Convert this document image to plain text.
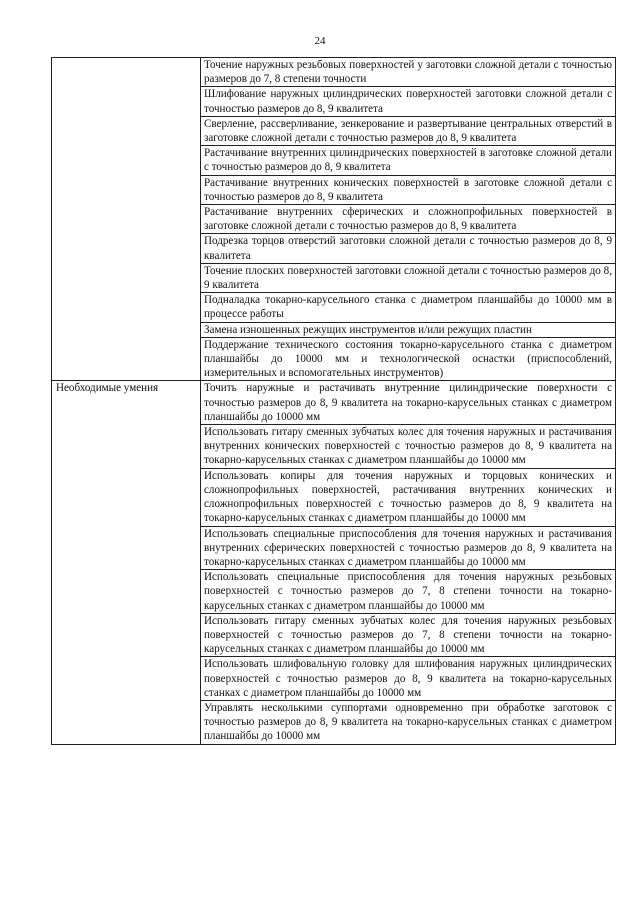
24
	Точение наружных резьбовых поверхностей у заготовки сложной детали с точностью размеров до 7, 8 степени точности
	Шлифование наружных цилиндрических поверхностей заготовки сложной детали с точностью размеров до 8, 9 квалитета
	Сверление, рассверливание, зенкерование и развертывание центральных отверстий в заготовке сложной детали с точностью размеров до 8, 9 квалитета
	Растачивание внутренних цилиндрических поверхностей в заготовке сложной детали с точностью размеров до 8, 9 квалитета
	Растачивание внутренних конических поверхностей в заготовке сложной детали с точностью размеров до 8, 9 квалитета
	Растачивание внутренних сферических и сложнопрофильных поверхностей в заготовке сложной детали с точностью размеров до 8, 9 квалитета
	Подрезка торцов отверстий заготовки сложной детали с точностью размеров до 8, 9 квалитета
	Точение плоских поверхностей заготовки сложной детали с точностью размеров до 8, 9 квалитета
	Подналадка токарно-карусельного станка с диаметром планшайбы до 10000 мм в процессе работы
	Замена изношенных режущих инструментов и/или режущих пластин
	Поддержание технического состояния токарно-карусельного станка с диаметром планшайбы до 10000 мм и технологической оснастки (приспособлений, измерительных и вспомогательных инструментов)
Необходимые умения	Точить наружные и растачивать внутренние цилиндрические поверхности с точностью размеров до 8, 9 квалитета на токарно-карусельных станках с диаметром планшайбы до 10000 мм
	Использовать гитару сменных зубчатых колес для точения наружных и растачивания внутренних конических поверхностей с точностью размеров до 8, 9 квалитета на токарно-карусельных станках с диаметром планшайбы до 10000 мм
	Использовать копиры для точения наружных и торцовых конических и сложнопрофильных поверхностей, растачивания внутренних конических и сложнопрофильных поверхностей с точностью размеров до 8, 9 квалитета на токарно-карусельных станках с диаметром планшайбы до 10000 мм
	Использовать специальные приспособления для точения наружных и растачивания внутренних сферических поверхностей с точностью размеров до 8, 9 квалитета на токарно-карусельных станках с диаметром планшайбы до 10000 мм
	Использовать специальные приспособления для точения наружных резьбовых поверхностей с точностью размеров до 7, 8 степени точности на токарно-карусельных станках с диаметром планшайбы до 10000 мм
	Использовать гитару сменных зубчатых колес для точения наружных резьбовых поверхностей с точностью размеров до 7, 8 степени точности на токарно-карусельных станках с диаметром планшайбы до 10000 мм
	Использовать шлифовальную головку для шлифования наружных цилиндрических поверхностей с точностью размеров до 8, 9 квалитета на токарно-карусельных станках с диаметром планшайбы до 10000 мм
	Управлять несколькими суппортами одновременно при обработке заготовок с точностью размеров до 8, 9 квалитета на токарно-карусельных станках с диаметром планшайбы до 10000 мм
